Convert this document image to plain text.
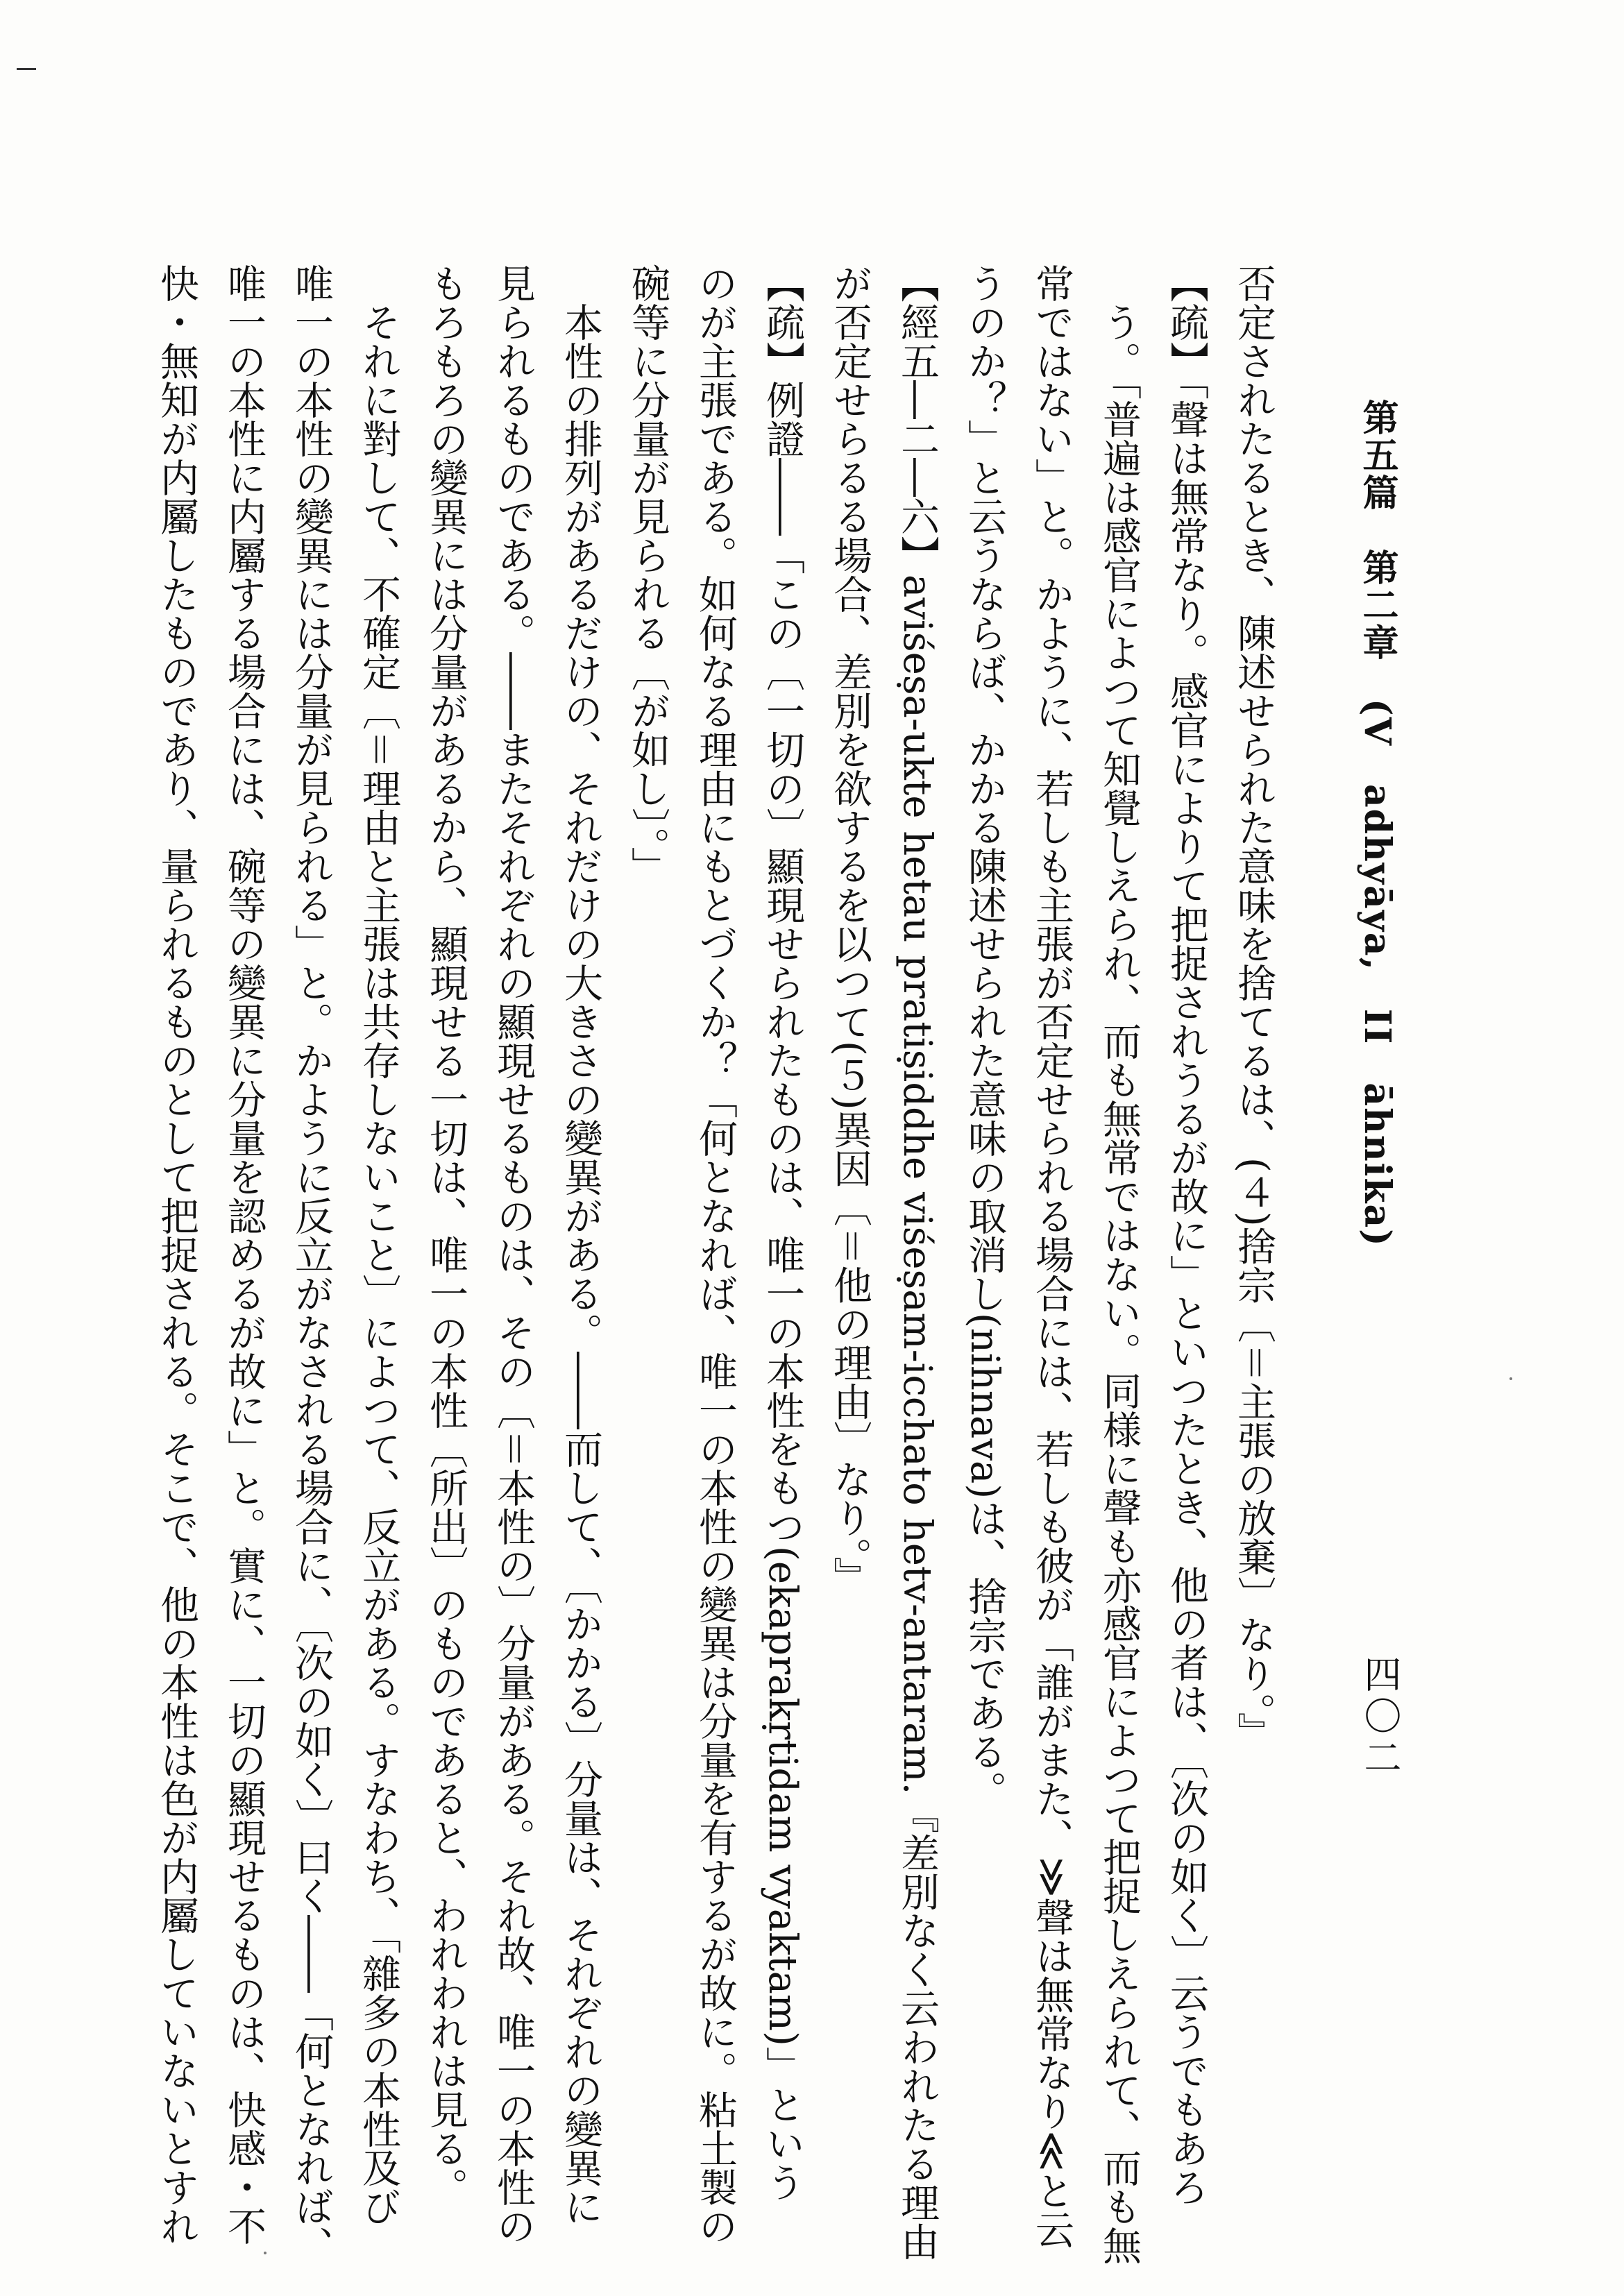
第五篇　第二章　(V　adhyāya,　II　āhnika)
四〇二
否定されたるとき、陳述せられた意味を捨てるは、(４)捨宗〔＝主張の放棄〕なり。』
【疏】「聲は無常なり。感官によりて把捉されうるが故に」といつたとき、他の者は、〔次の如く〕云うでもあろ
う。「普遍は感官によつて知覺しえられ、而も無常ではない。同様に聲も亦感官によつて把捉しえられて、而も無
常ではない」と。かように、若しも主張が否定せられる場合には、若しも彼が「誰がまた、≫聲は無常なり≪と云
うのか？」と云うならば、かかる陳述せられた意味の取消し(nihnava)は、捨宗である。
【經五―二―六】aviśeṣa-ukte hetau pratiṣiddhe viśeṣam-icchato hetv-antaram.『差別なく云われたる理由
が否定せらるる場合、差別を欲するを以つて(５)異因〔＝他の理由〕なり。』
【疏】例證――「この〔一切の〕顯現せられたものは、唯一の本性をもつ(ekaprakṛtidam vyaktam)」という
のが主張である。如何なる理由にもとづくか？「何となれば、唯一の本性の變異は分量を有するが故に。粘土製の
碗等に分量が見られる〔が如し〕。」
本性の排列があるだけの、それだけの大きさの變異がある。――而して、〔かかる〕分量は、それぞれの變異に
見られるものである。――またそれぞれの顯現せるものは、その〔＝本性の〕分量がある。それ故、唯一の本性の
もろもろの變異には分量があるから、顯現せる一切は、唯一の本性〔所出〕のものであると、われわれは見る。
それに對して、不確定〔＝理由と主張は共存しないこと〕によつて、反立がある。すなわち、「雜多の本性及び
唯一の本性の變異には分量が見られる」と。かように反立がなされる場合に、〔次の如く〕曰く――「何となれば、
唯一の本性に内屬する場合には、碗等の變異に分量を認めるが故に」と。實に、一切の顯現せるものは、快感・不
快・無知が内屬したものであり、量られるものとして把捉される。そこで、他の本性は色が内屬していないとすれ
